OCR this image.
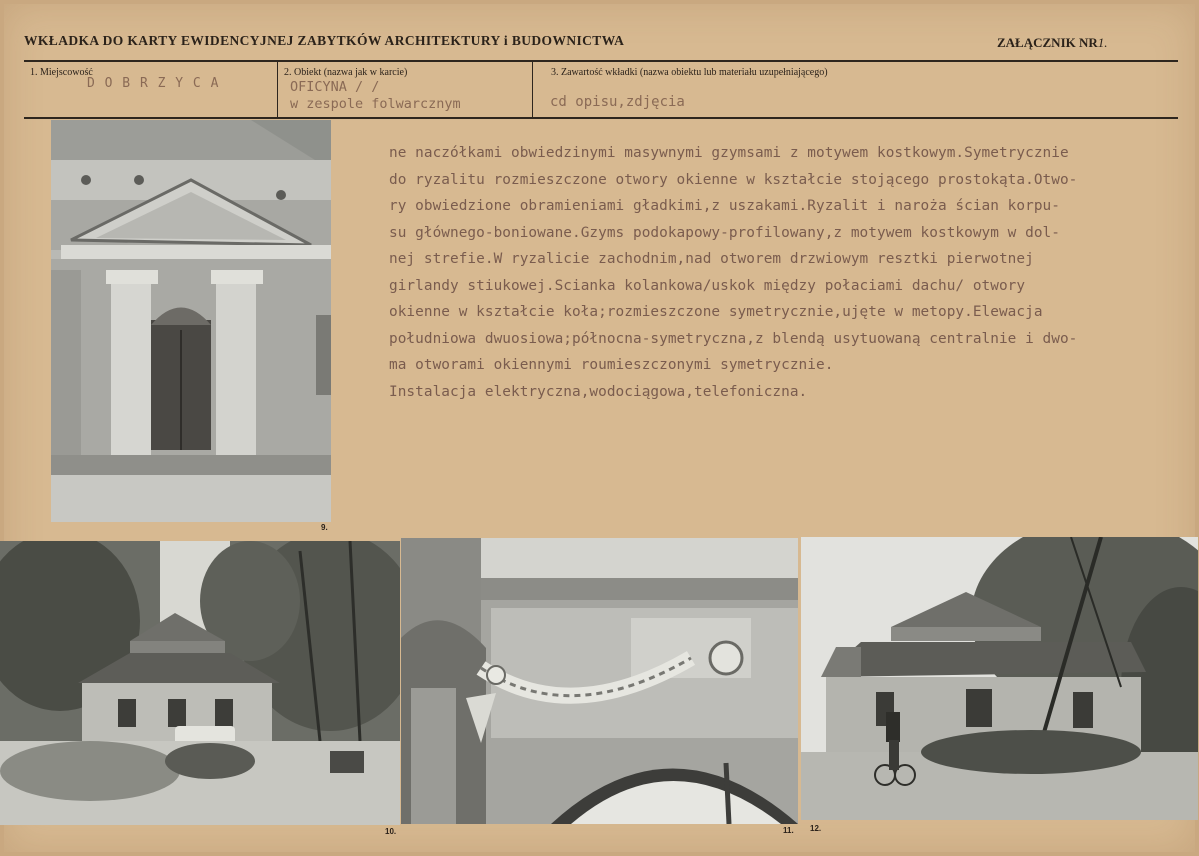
WKŁADKA DO KARTY EWIDENCYJNEJ ZABYTKÓW ARCHITEKTURY i BUDOWNICTWA	ZAŁĄCZNIK NR1.
1. Miejscowość
D O B R Z Y C A
2. Obiekt (nazwa jak w karcie)
OFICYNA / /
w zespole folwarcznym
3. Zawartość wkładki (nazwa obiektu lub materiału uzupełniającego)
cd opisu,zdjęcia
ne naczółkami obwiedzinymi masywnymi gzymsami z motywem kostkowym.Symetrycznie
do ryzalitu rozmieszczone otwory okienne w kształcie stojącego prostokąta.Otwo-
ry obwiedzione obramieniami gładkimi,z uszakami.Ryzalit i naroża ścian korpu-
su głównego-boniowane.Gzyms podokapowy-profilowany,z motywem kostkowym w dol-
nej strefie.W ryzalicie zachodnim,nad otworem drzwiowym resztki pierwotnej
girlandy stiukowej.Scianka kolankowa/uskok między połaciami dachu/ otwory
okienne w kształcie koła;rozmieszczone symetrycznie,ujęte w metopy.Elewacja
południowa dwuosiowa;północna-symetryczna,z blendą usytuowaną centralnie i dwo-
ma otworami okiennymi roumieszczonymi symetrycznie.
Instalacja elektryczna,wodociągowa,telefoniczna.
9.
10.	11. 12.
